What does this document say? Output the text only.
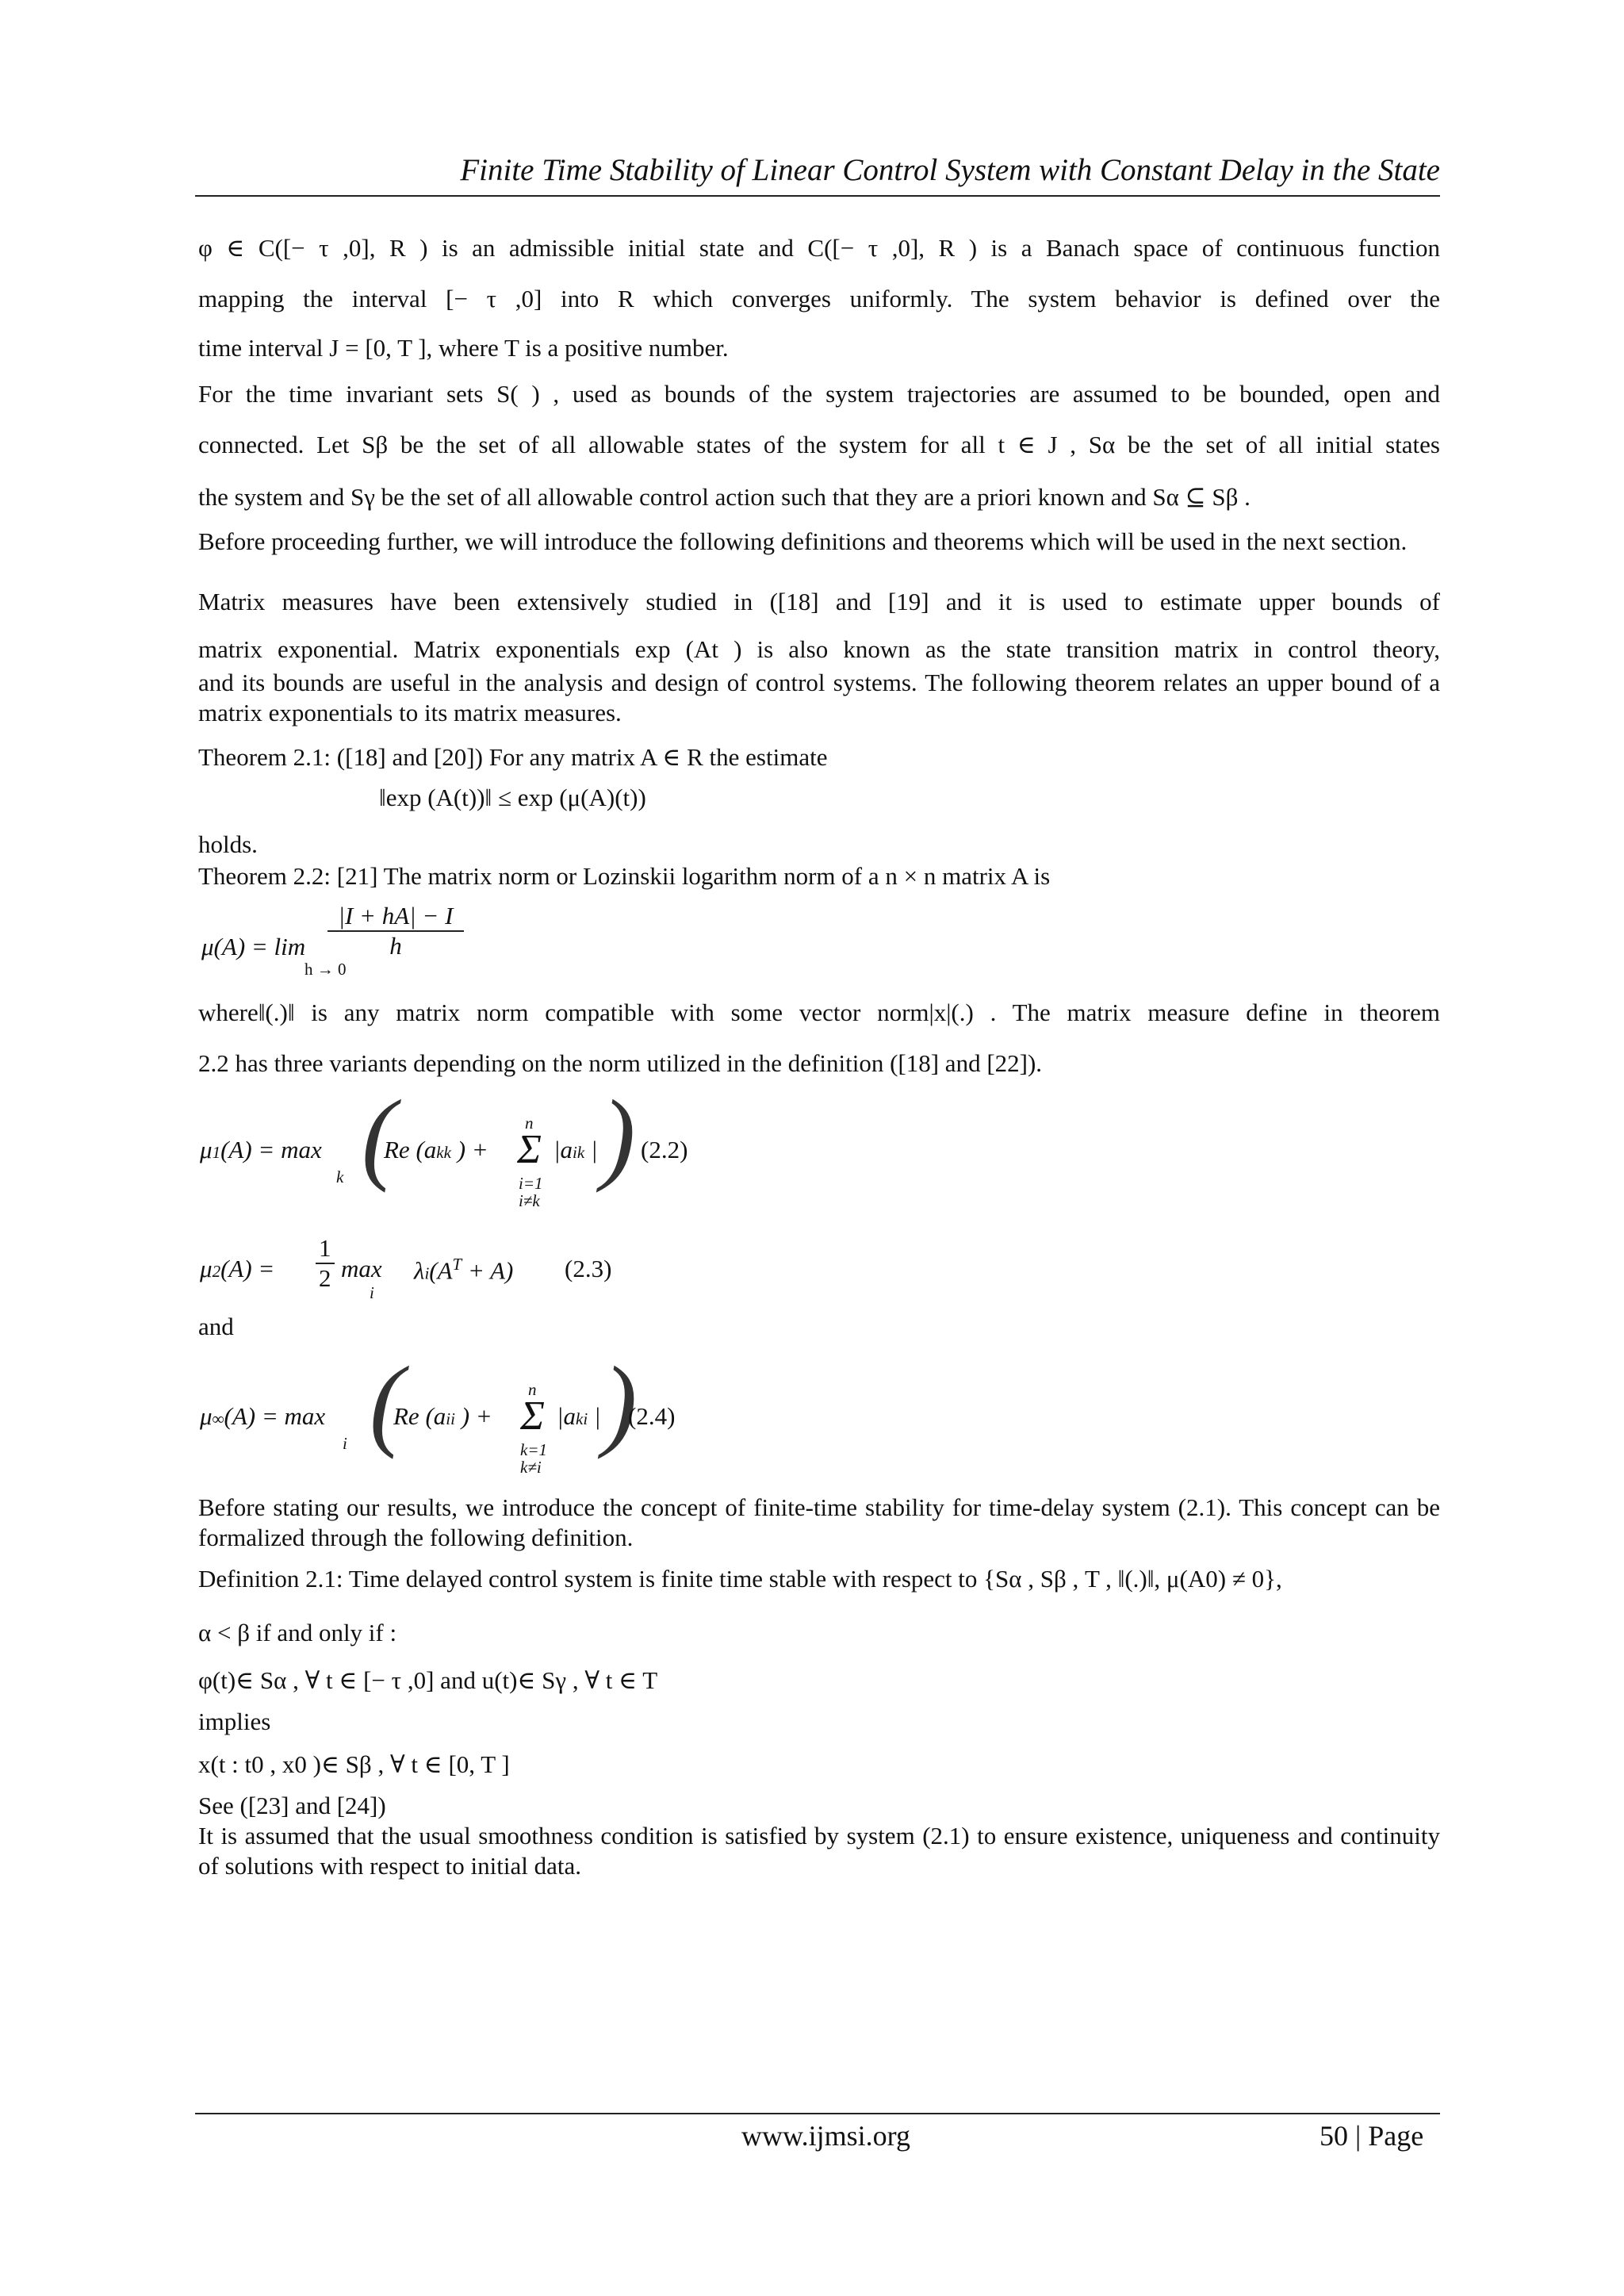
Finite Time Stability of Linear Control System with Constant Delay in the State
φ ∈ C([− τ ,0], R ) is an admissible initial state and C([− τ ,0], R ) is a Banach space of continuous function
mapping the interval [− τ ,0] into R which converges uniformly. The system behavior is defined over the
time interval J = [0, T ], where T is a positive number.
For the time invariant sets S( ) , used as bounds of the system trajectories are assumed to be bounded, open and
connected. Let Sβ be the set of all allowable states of the system for all t ∈ J , Sα be the set of all initial states
the system and Sγ be the set of all allowable control action such that they are a priori known and Sα ⊆ Sβ .
Before proceeding further, we will introduce the following definitions and theorems which will be used in the next section.
Matrix measures have been extensively studied in ([18] and [19] and it is used to estimate upper bounds of
matrix exponential. Matrix exponentials exp (At ) is also known as the state transition matrix in control theory,
and its bounds are useful in the analysis and design of control systems. The following theorem relates an upper bound of a matrix exponentials to its matrix measures.
Theorem 2.1: ([18] and [20]) For any matrix A ∈ R the estimate
‖exp (A(t))‖ ≤ exp (μ(A)(t))
holds.
Theorem 2.2: [21] The matrix norm or Lozinskii logarithm norm of a n × n matrix A is
$\mu(A) = \lim \frac{|I + hA| - I}{h}$
h → 0
where‖(.)‖ is any matrix norm compatible with some vector norm|x|(.) . The matrix measure define in theorem
2.2 has three variants depending on the norm utilized in the definition ([18] and [22]).
μ1(A) = max
k (
Re (akk ) + Σ
n
i=1
i≠k
|aik | ) (2.2)
$\mu 2(A) = \frac{1}{2}$ max
i
$\lambda i(A^T + A)$ (2.3)
and
μ∞(A) = max
i (
Re (aii ) + Σ
n
k=1
k≠i
|aki | )
(2.4)
Before stating our results, we introduce the concept of finite-time stability for time-delay system (2.1). This concept can be formalized through the following definition.
Definition 2.1: Time delayed control system is finite time stable with respect to {Sα , Sβ , T , ‖(.)‖, μ(A0) ≠ 0},
α < β if and only if :
φ(t)∈ Sα , ∀ t ∈ [− τ ,0] and u(t)∈ Sγ , ∀ t ∈ T
implies
x(t : t0 , x0 )∈ Sβ , ∀ t ∈ [0, T ]
See ([23] and [24])
It is assumed that the usual smoothness condition is satisfied by system (2.1) to ensure existence, uniqueness and continuity of solutions with respect to initial data.
www.ijmsi.org	50 | Page
